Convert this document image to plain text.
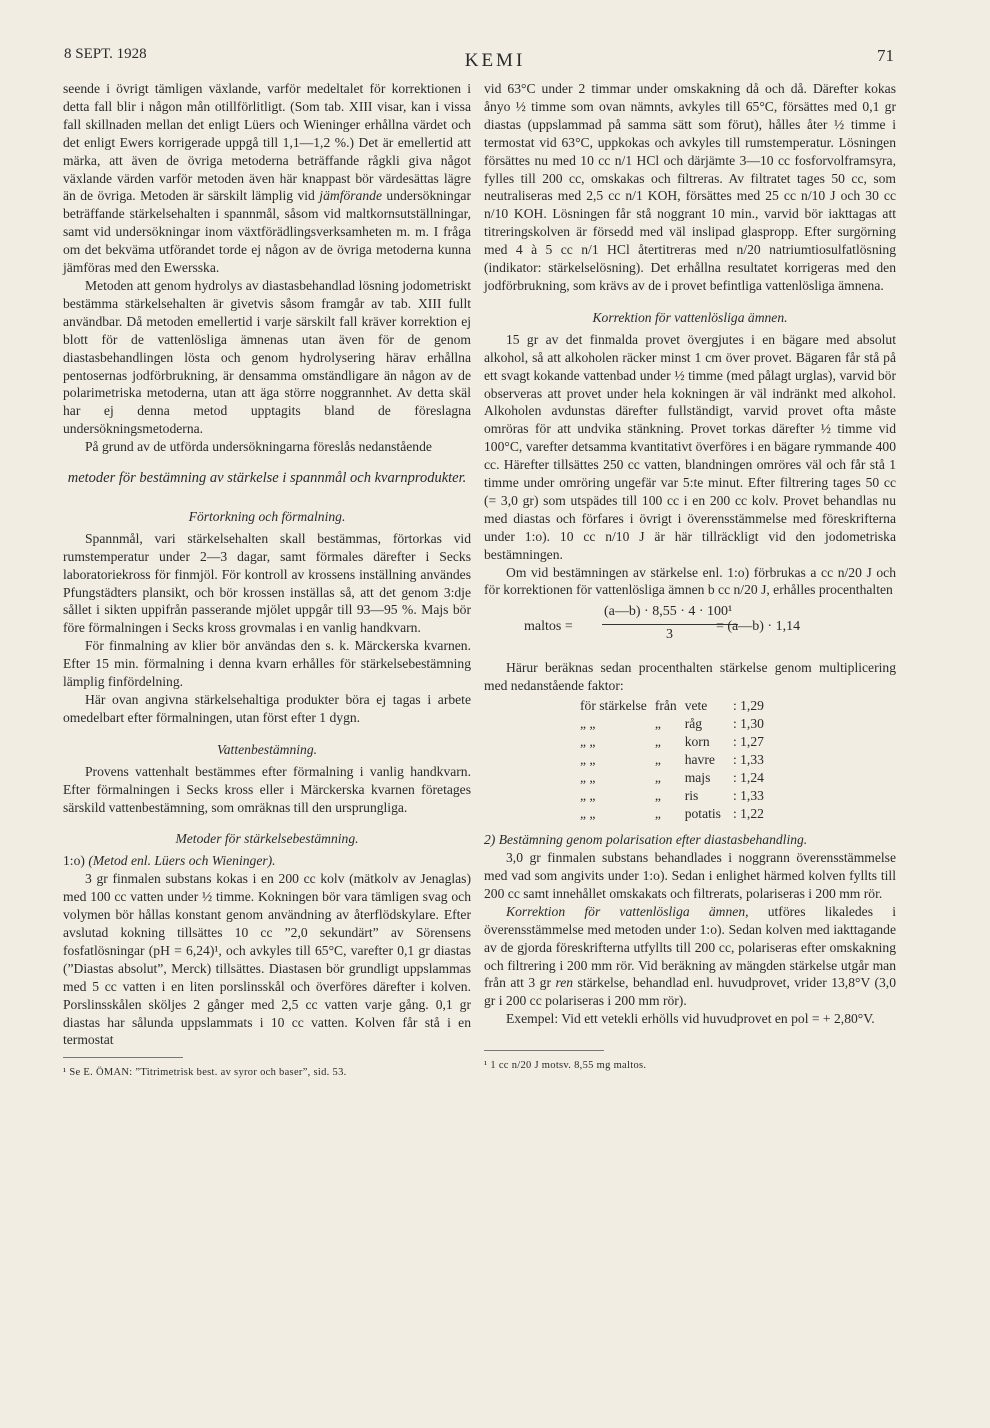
8 SEPT. 1928	KEMI	71

seende i övrigt tämligen växlande, varför medeltalet för korrektionen i detta fall blir i någon mån otillförlitligt. (Som tab. XIII visar, kan i vissa fall skillnaden mellan det enligt Lüers och Wieninger erhållna värdet och det enligt Ewers korrigerade uppgå till 1,1—1,2 %.) Det är emellertid att märka, att även de övriga metoderna beträffande rågkli giva något växlande värden varför metoden även här knappast bör värdesättas lägre än de övriga. Metoden är särskilt lämplig vid jämförande undersökningar beträffande stärkelsehalten i spannmål, såsom vid maltkornsutställningar, samt vid undersökningar inom växtförädlingsverksamheten m. m. I fråga om det bekväma utförandet torde ej någon av de övriga metoderna kunna jämföras med den Ewersska.

Metoden att genom hydrolys av diastasbehandlad lösning jodometriskt bestämma stärkelsehalten är givetvis såsom framgår av tab. XIII fullt användbar. Då metoden emellertid i varje särskilt fall kräver korrektion ej blott för de vattenlösliga ämnenas utan även för de genom diastasbehandlingen lösta och genom hydrolysering härav erhållna pentosernas jodförbrukning, är densamma omständligare än någon av de polarimetriska metoderna, utan att äga större noggrannhet. Av detta skäl har ej denna metod upptagits bland de föreslagna undersökningsmetoderna.

På grund av de utförda undersökningarna föreslås nedanstående

metoder för bestämning av stärkelse i spannmål och kvarnprodukter.

Förtorkning och förmalning.

Spannmål, vari stärkelsehalten skall bestämmas, förtorkas vid rumstemperatur under 2—3 dagar, samt förmales därefter i Secks laboratoriekross för finmjöl. För kontroll av krossens inställning användes Pfungstädters plansikt, och bör krossen inställas så, att det genom 3:dje sållet i sikten uppifrån passerande mjölet uppgår till 93—95 %. Majs bör före förmalningen i Secks kross grovmalas i en vanlig handkvarn.

För finmalning av klier bör användas den s. k. Märckerska kvarnen. Efter 15 min. förmalning i denna kvarn erhålles för stärkelsebestämning lämplig finfördelning.

Här ovan angivna stärkelsehaltiga produkter böra ej tagas i arbete omedelbart efter förmalningen, utan först efter 1 dygn.

Vattenbestämning.

Provens vattenhalt bestämmes efter förmalning i vanlig handkvarn. Efter förmalningen i Secks kross eller i Märckerska kvarnen företages särskild vattenbestämning, som omräknas till den ursprungliga.

Metoder för stärkelsebestämning.

1:o) (Metod enl. Lüers och Wieninger).

3 gr finmalen substans kokas i en 200 cc kolv (mätkolv av Jenaglas) med 100 cc vatten under ½ timme. Kokningen bör vara tämligen svag och volymen bör hållas konstant genom användning av återflödskylare. Efter avslutad kokning tillsättes 10 cc ”2,0 sekundärt” av Sörensens fosfatlösningar (pH = 6,24)¹, och avkyles till 65°C, varefter 0,1 gr diastas (”Diastas absolut”, Merck) tillsättes. Diastasen bör grundligt uppslammas med 5 cc vatten i en liten porslinsskål och överföres därefter i kolven. Porslinsskålen sköljes 2 gånger med 2,5 cc vatten varje gång. 0,1 gr diastas har sålunda uppslammats i 10 cc vatten. Kolven får stå i en termostat

¹ Se E. ÖMAN: ”Titrimetrisk best. av syror och baser”, sid. 53.

vid 63°C under 2 timmar under omskakning då och då. Därefter kokas ånyo ½ timme som ovan nämnts, avkyles till 65°C, försättes med 0,1 gr diastas (uppslammad på samma sätt som förut), hålles åter ½ timme i termostat vid 63°C, uppkokas och avkyles till rumstemperatur. Lösningen försättes nu med 10 cc n/1 HCl och därjämte 3—10 cc fosforvolframsyra, fylles till 200 cc, omskakas och filtreras. Av filtratet tages 50 cc, som neutraliseras med 2,5 cc n/1 KOH, försättes med 25 cc n/10 J och 30 cc n/10 KOH. Lösningen får stå noggrant 10 min., varvid bör iakttagas att titreringskolven är försedd med väl inslipad glaspropp. Efter surgörning med 4 à 5 cc n/1 HCl återtitreras med n/20 natriumtiosulfatlösning (indikator: stärkelselösning). Det erhållna resultatet korrigeras med den jodförbrukning, som krävs av de i provet befintliga vattenlösliga ämnena.

Korrektion för vattenlösliga ämnen.

15 gr av det finmalda provet övergjutes i en bägare med absolut alkohol, så att alkoholen räcker minst 1 cm över provet. Bägaren får stå på ett svagt kokande vattenbad under ½ timme (med pålagt urglas), varvid bör observeras att provet under hela kokningen är väl indränkt med alkohol. Alkoholen avdunstas därefter fullständigt, varvid provet ofta måste omröras för att undvika stänkning. Provet torkas därefter ½ timme vid 100°C, varefter detsamma kvantitativt överföres i en bägare rymmande 400 cc. Härefter tillsättes 250 cc vatten, blandningen omröres väl och får stå 1 timme under omröring ungefär var 5:te minut. Efter filtrering tages 50 cc (= 3,0 gr) som utspädes till 100 cc i en 200 cc kolv. Provet behandlas nu med diastas och förfares i övrigt i överensstämmelse med föreskrifterna under 1:o). 10 cc n/10 J är här tillräckligt vid den jodometriska bestämningen.

Om vid bestämningen av stärkelse enl. 1:o) förbrukas a cc n/20 J och för korrektionen för vattenlösliga ämnen b cc n/20 J, erhålles procenthalten

maltos =
(a—b) · 8,55 · 4 · 100¹
3
= (a—b) · 1,14

Härur beräknas sedan procenthalten stärkelse genom multiplicering med nedanstående faktor:

för stärkelse	från	vete	: 1,29
„ „	„	råg	: 1,30
„ „	„	korn	: 1,27
„ „	„	havre	: 1,33
„ „	„	majs	: 1,24
„ „	„	ris	: 1,33
„ „	„	potatis	: 1,22

2) Bestämning genom polarisation efter diastasbehandling.

3,0 gr finmalen substans behandlades i noggrann överensstämmelse med vad som angivits under 1:o). Sedan i enlighet härmed kolven fyllts till 200 cc samt innehållet omskakats och filtrerats, polariseras i 200 mm rör.

Korrektion för vattenlösliga ämnen, utföres likaledes i överensstämmelse med metoden under 1:o). Sedan kolven med iakttagande av de gjorda föreskrifterna utfyllts till 200 cc, polariseras efter omskakning och filtrering i 200 mm rör. Vid beräkning av mängden stärkelse utgår man från att 3 gr ren stärkelse, behandlad enl. huvudprovet, vrider 13,8°V (3,0 gr i 200 cc polariseras i 200 mm rör).

Exempel: Vid ett vetekli erhölls vid huvudprovet en pol = + 2,80°V.

¹ 1 cc n/20 J motsv. 8,55 mg maltos.
